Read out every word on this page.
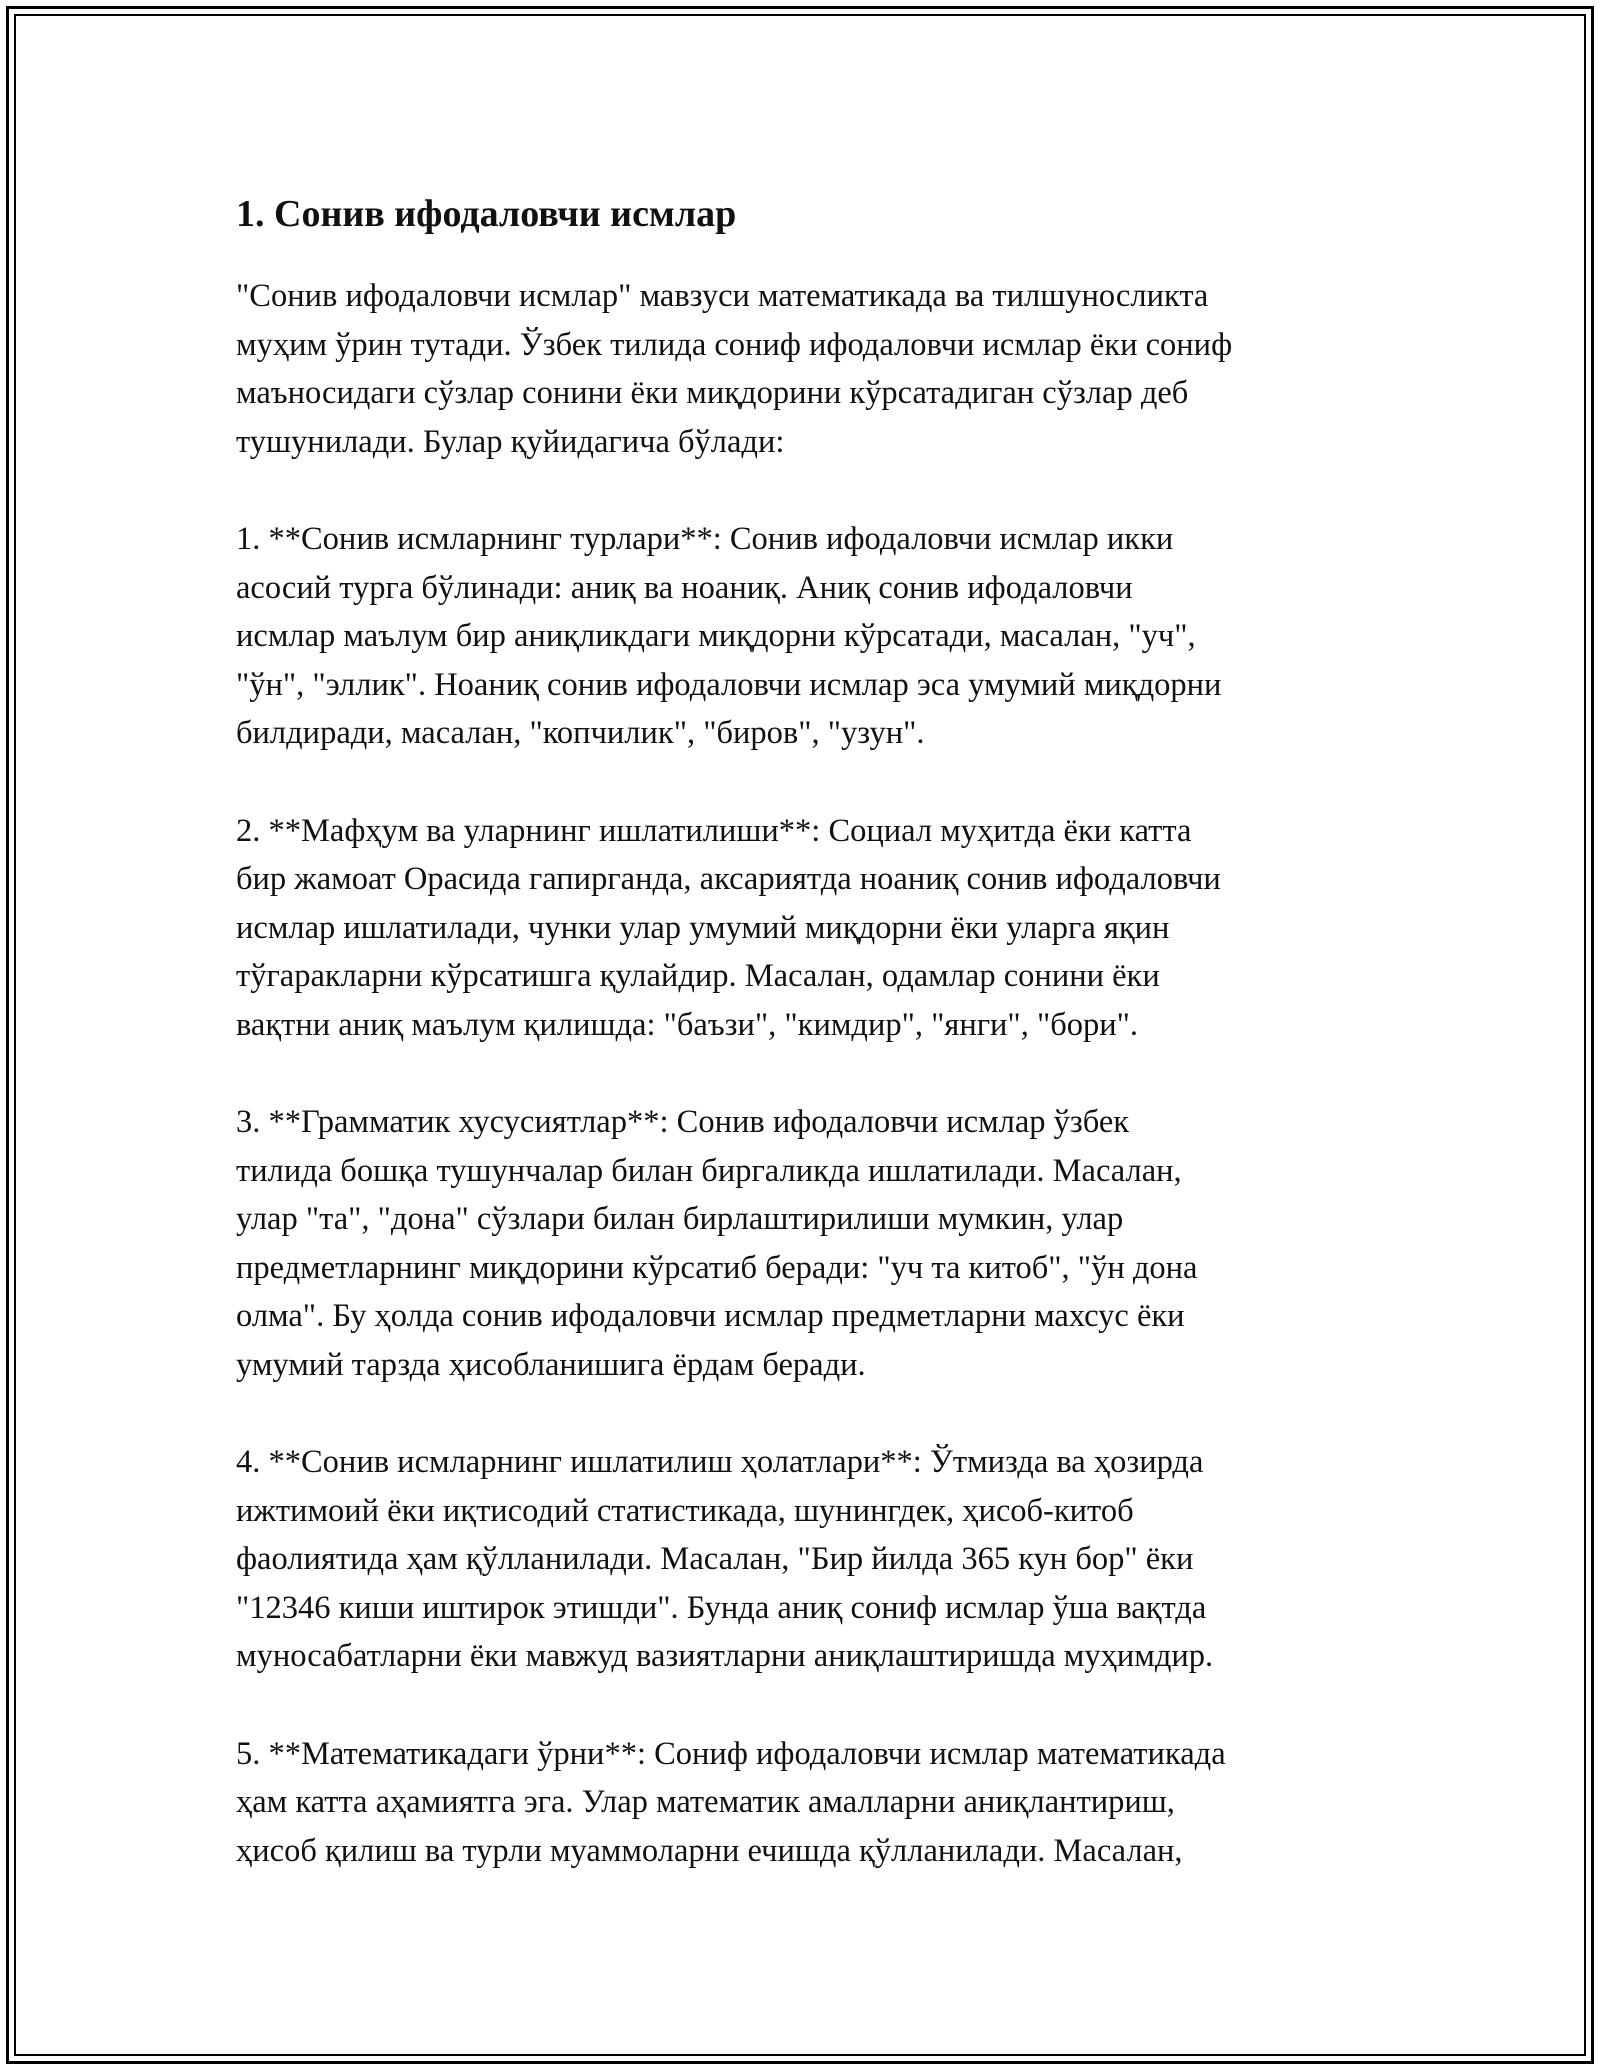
1. Сонив ифодаловчи исмлар

"Сонив ифодаловчи исмлар" мавзуси математикада ва тилшуносликта
муҳим ўрин тутади. Ўзбек тилида сониф ифодаловчи исмлар ёки сониф
маъносидаги сўзлар сонини ёки миқдорини кўрсатадиган сўзлар деб
тушунилади. Булар қуйидагича бўлади:

1. **Сонив исмларнинг турлари**: Сонив ифодаловчи исмлар икки
асосий турга бўлинади: аниқ ва ноаниқ. Аниқ сонив ифодаловчи
исмлар маълум бир аниқликдаги миқдорни кўрсатади, масалан, "уч",
"ўн", "эллик". Ноаниқ сонив ифодаловчи исмлар эса умумий миқдорни
билдиради, масалан, "копчилик", "биров", "узун".

2. **Мафҳум ва уларнинг ишлатилиши**: Социал муҳитда ёки катта
бир жамоат Орасида гапирганда, аксариятда ноаниқ сонив ифодаловчи
исмлар ишлатилади, чунки улар умумий миқдорни ёки уларга яқин
тўгаракларни кўрсатишга қулайдир. Масалан, одамлар сонини ёки
вақтни аниқ маълум қилишда: "баъзи", "кимдир", "янги", "бори".

3. **Грамматик хусусиятлар**: Сонив ифодаловчи исмлар ўзбек
тилида бошқа тушунчалар билан биргаликда ишлатилади. Масалан,
улар "та", "дона" сўзлари билан бирлаштирилиши мумкин, улар
предметларнинг миқдорини кўрсатиб беради: "уч та китоб", "ўн дона
олма". Бу ҳолда сонив ифодаловчи исмлар предметларни махсус ёки
умумий тарзда ҳисобланишига ёрдам беради.

4. **Сонив исмларнинг ишлатилиш ҳолатлари**: Ўтмизда ва ҳозирда
ижтимоий ёки иқтисодий статистикада, шунингдек, ҳисоб-китоб
фаолиятида ҳам қўлланилади. Масалан, "Бир йилда 365 кун бор" ёки
"12346 киши иштирок этишди". Бунда аниқ сониф исмлар ўша вақтда
муносабатларни ёки мавжуд вазиятларни аниқлаштиришда муҳимдир.

5. **Математикадаги ўрни**: Сониф ифодаловчи исмлар математикада
ҳам катта аҳамиятга эга. Улар математик амалларни аниқлантириш,
ҳисоб қилиш ва турли муаммоларни ечишда қўлланилади. Масалан,
